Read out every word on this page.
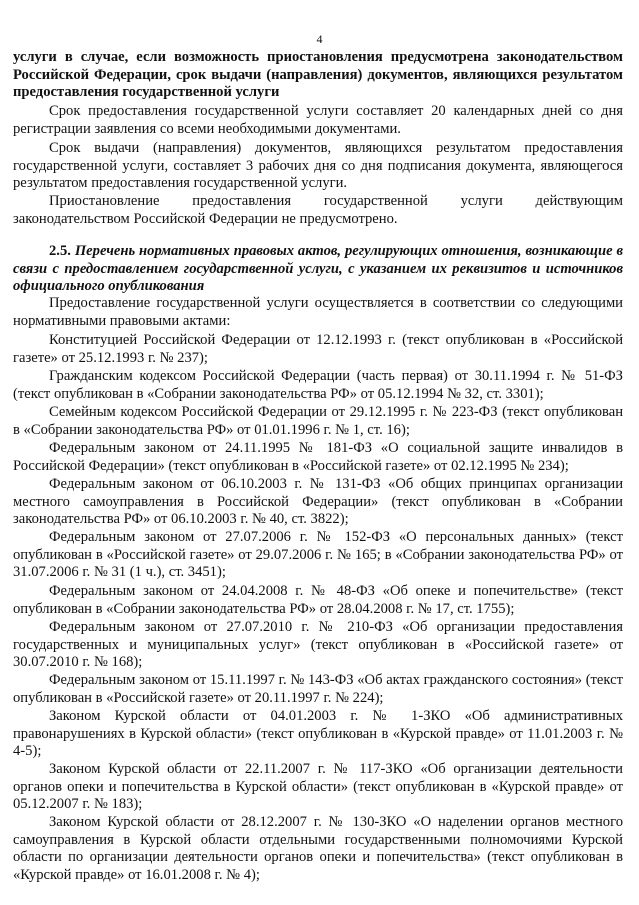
4

услуги в случае, если возможность приостановления предусмотрена законодательством Российской Федерации, срок выдачи (направления) документов, являющихся результатом предоставления государственной услуги

Срок предоставления государственной услуги составляет 20 календарных дней со дня регистрации заявления со всеми необходимыми документами.

Срок выдачи (направления) документов, являющихся результатом предоставления государственной услуги, составляет 3 рабочих дня со дня подписания документа, являющегося результатом предоставления государственной услуги.

Приостановление предоставления государственной услуги действующим законодательством Российской Федерации не предусмотрено.

2.5. Перечень нормативных правовых актов, регулирующих отношения, возникающие в связи с предоставлением государственной услуги, с указанием их реквизитов и источников официального опубликования

Предоставление государственной услуги осуществляется в соответствии со следующими нормативными правовыми актами:

Конституцией Российской Федерации от 12.12.1993 г. (текст опубликован в «Российской газете» от 25.12.1993 г. № 237);

Гражданским кодексом Российской Федерации (часть первая) от 30.11.1994 г. № 51-ФЗ (текст опубликован в «Собрании законодательства РФ» от 05.12.1994 № 32, ст. 3301);

Семейным кодексом Российской Федерации от 29.12.1995 г. № 223-ФЗ (текст опубликован в «Собрании законодательства РФ» от 01.01.1996 г. № 1, ст. 16);

Федеральным законом от 24.11.1995 № 181-ФЗ «О социальной защите инвалидов в Российской Федерации» (текст опубликован в «Российской газете» от 02.12.1995 № 234);

Федеральным законом от 06.10.2003 г. № 131-ФЗ «Об общих принципах организации местного самоуправления в Российской Федерации» (текст опубликован в «Собрании законодательства РФ» от 06.10.2003 г. № 40, ст. 3822);

Федеральным законом от 27.07.2006 г. № 152-ФЗ «О персональных данных» (текст опубликован в «Российской газете» от 29.07.2006 г. № 165; в «Собрании законодательства РФ» от 31.07.2006 г. № 31 (1 ч.), ст. 3451);

Федеральным законом от 24.04.2008 г. № 48-ФЗ «Об опеке и попечительстве» (текст опубликован в «Собрании законодательства РФ» от 28.04.2008 г. № 17, ст. 1755);

Федеральным законом от 27.07.2010 г. № 210-ФЗ «Об организации предоставления государственных и муниципальных услуг» (текст опубликован в «Российской газете» от 30.07.2010 г. № 168);

Федеральным законом от 15.11.1997 г. № 143-ФЗ «Об актах гражданского состояния» (текст опубликован в «Российской газете» от 20.11.1997 г. № 224);

Законом Курской области от 04.01.2003 г. № 1-ЗКО «Об административных правонарушениях в Курской области» (текст опубликован в «Курской правде» от 11.01.2003 г. № 4-5);

Законом Курской области от 22.11.2007 г. № 117-ЗКО «Об организации деятельности органов опеки и попечительства в Курской области» (текст опубликован в «Курской правде» от 05.12.2007 г. № 183);

Законом Курской области от 28.12.2007 г. № 130-ЗКО «О наделении органов местного самоуправления в Курской области отдельными государственными полномочиями Курской области по организации деятельности органов опеки и попечительства» (текст опубликован в «Курской правде» от 16.01.2008 г. № 4);
